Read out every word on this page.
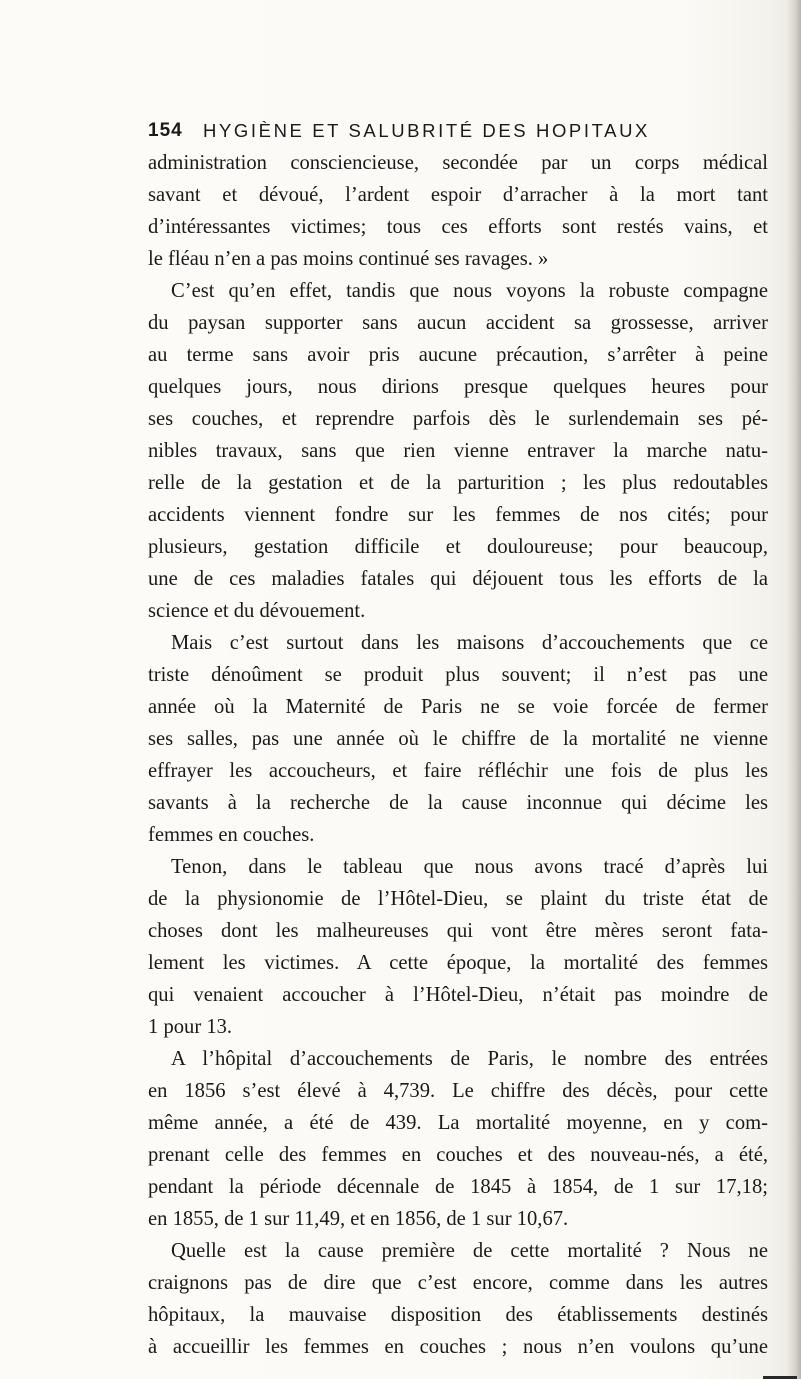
154 HYGIÈNE ET SALUBRITÉ DES HOPITAUX
administration consciencieuse, secondée par un corps médical
savant et dévoué, l’ardent espoir d’arracher à la mort tant
d’intéressantes victimes; tous ces efforts sont restés vains, et
le fléau n’en a pas moins continué ses ravages. »
C’est qu’en effet, tandis que nous voyons la robuste compagne
du paysan supporter sans aucun accident sa grossesse, arriver
au terme sans avoir pris aucune précaution, s’arrêter à peine
quelques jours, nous dirions presque quelques heures pour
ses couches, et reprendre parfois dès le surlendemain ses pé-
nibles travaux, sans que rien vienne entraver la marche natu-
relle de la gestation et de la parturition ; les plus redoutables
accidents viennent fondre sur les femmes de nos cités; pour
plusieurs, gestation difficile et douloureuse; pour beaucoup,
une de ces maladies fatales qui déjouent tous les efforts de la
science et du dévouement.
Mais c’est surtout dans les maisons d’accouchements que ce
triste dénoûment se produit plus souvent; il n’est pas une
année où la Maternité de Paris ne se voie forcée de fermer
ses salles, pas une année où le chiffre de la mortalité ne vienne
effrayer les accoucheurs, et faire réfléchir une fois de plus les
savants à la recherche de la cause inconnue qui décime les
femmes en couches.
Tenon, dans le tableau que nous avons tracé d’après lui
de la physionomie de l’Hôtel-Dieu, se plaint du triste état de
choses dont les malheureuses qui vont être mères seront fata-
lement les victimes. A cette époque, la mortalité des femmes
qui venaient accoucher à l’Hôtel-Dieu, n’était pas moindre de
1 pour 13.
A l’hôpital d’accouchements de Paris, le nombre des entrées
en 1856 s’est élevé à 4,739. Le chiffre des décès, pour cette
même année, a été de 439. La mortalité moyenne, en y com-
prenant celle des femmes en couches et des nouveau-nés, a été,
pendant la période décennale de 1845 à 1854, de 1 sur 17,18;
en 1855, de 1 sur 11,49, et en 1856, de 1 sur 10,67.
Quelle est la cause première de cette mortalité ? Nous ne
craignons pas de dire que c’est encore, comme dans les autres
hôpitaux, la mauvaise disposition des établissements destinés
à accueillir les femmes en couches ; nous n’en voulons qu’une
